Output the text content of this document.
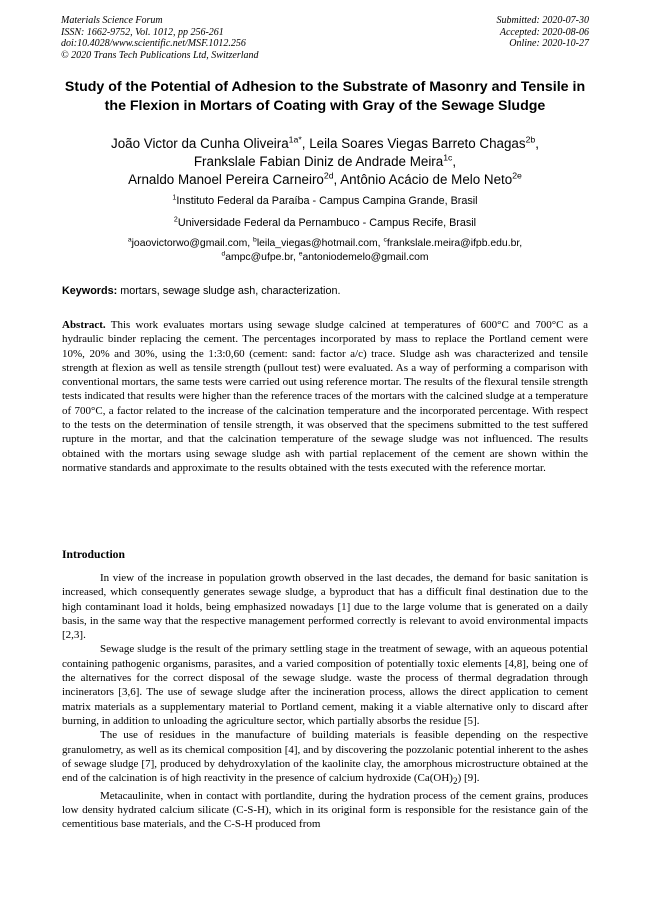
Materials Science Forum
ISSN: 1662-9752, Vol. 1012, pp 256-261
doi:10.4028/www.scientific.net/MSF.1012.256
© 2020 Trans Tech Publications Ltd, Switzerland
Submitted: 2020-07-30
Accepted: 2020-08-06
Online: 2020-10-27
Study of the Potential of Adhesion to the Substrate of Masonry and Tensile in the Flexion in Mortars of Coating with Gray of the Sewage Sludge
João Victor da Cunha Oliveira$^{1a*}$, Leila Soares Viegas Barreto Chagas$^{2b}$,
Frankslale Fabian Diniz de Andrade Meira$^{1c}$,
Arnaldo Manoel Pereira Carneiro$^{2d}$, Antônio Acácio de Melo Neto$^{2e}$
$^1$Instituto Federal da Paraíba - Campus Campina Grande, Brasil
$^2$Universidade Federal da Pernambuco - Campus Recife, Brasil
$^a$joaovictorwo@gmail.com, $^b$leila_viegas@hotmail.com, $^c$frankslale.meira@ifpb.edu.br,
$^d$ampc@ufpe.br, $^e$antoniodemelo@gmail.com
Keywords: mortars, sewage sludge ash, characterization.

Abstract. This work evaluates mortars using sewage sludge calcined at temperatures of 600°C and 700°C as a hydraulic binder replacing the cement. The percentages incorporated by mass to replace the Portland cement were 10%, 20% and 30%, using the 1:3:0,60 (cement: sand: factor a/c) trace. Sludge ash was characterized and tensile strength at flexion as well as tensile strength (pullout test) were evaluated. As a way of performing a comparison with conventional mortars, the same tests were carried out using reference mortar. The results of the flexural tensile strength tests indicated that results were higher than the reference traces of the mortars with the calcined sludge at a temperature of 700°C, a factor related to the increase of the calcination temperature and the incorporated percentage. With respect to the tests on the determination of tensile strength, it was observed that the specimens submitted to the test suffered rupture in the mortar, and that the calcination temperature of the sewage sludge was not influenced. The results obtained with the mortars using sewage sludge ash with partial replacement of the cement are shown within the normative standards and approximate to the results obtained with the tests executed with the reference mortar.

Introduction

In view of the increase in population growth observed in the last decades, the demand for basic sanitation is increased, which consequently generates sewage sludge, a byproduct that has a difficult final destination due to the high contaminant load it holds, being emphasized nowadays [1] due to the large volume that is generated on a daily basis, in the same way that the respective management performed correctly is relevant to avoid environmental impacts [2,3].

Sewage sludge is the result of the primary settling stage in the treatment of sewage, with an aqueous potential containing pathogenic organisms, parasites, and a varied composition of potentially toxic elements [4,8], being one of the alternatives for the correct disposal of the sewage sludge. waste the process of thermal degradation through incinerators [3,6]. The use of sewage sludge after the incineration process, allows the direct application to cement matrix materials as a supplementary material to Portland cement, making it a viable alternative only to discard after burning, in addition to unloading the agriculture sector, which partially absorbs the residue [5].

The use of residues in the manufacture of building materials is feasible depending on the respective granulometry, as well as its chemical composition [4], and by discovering the pozzolanic potential inherent to the ashes of sewage sludge [7], produced by dehydroxylation of the kaolinite clay, the amorphous microstructure obtained at the end of the calcination is of high reactivity in the presence of calcium hydroxide $(Ca(OH)_2)$ [9].

Metacaulinite, when in contact with portlandite, during the hydration process of the cement grains, produces low density hydrated calcium silicate (C-S-H), which in its original form is responsible for the resistance gain of the cementitious base materials, and the C-S-H produced from
